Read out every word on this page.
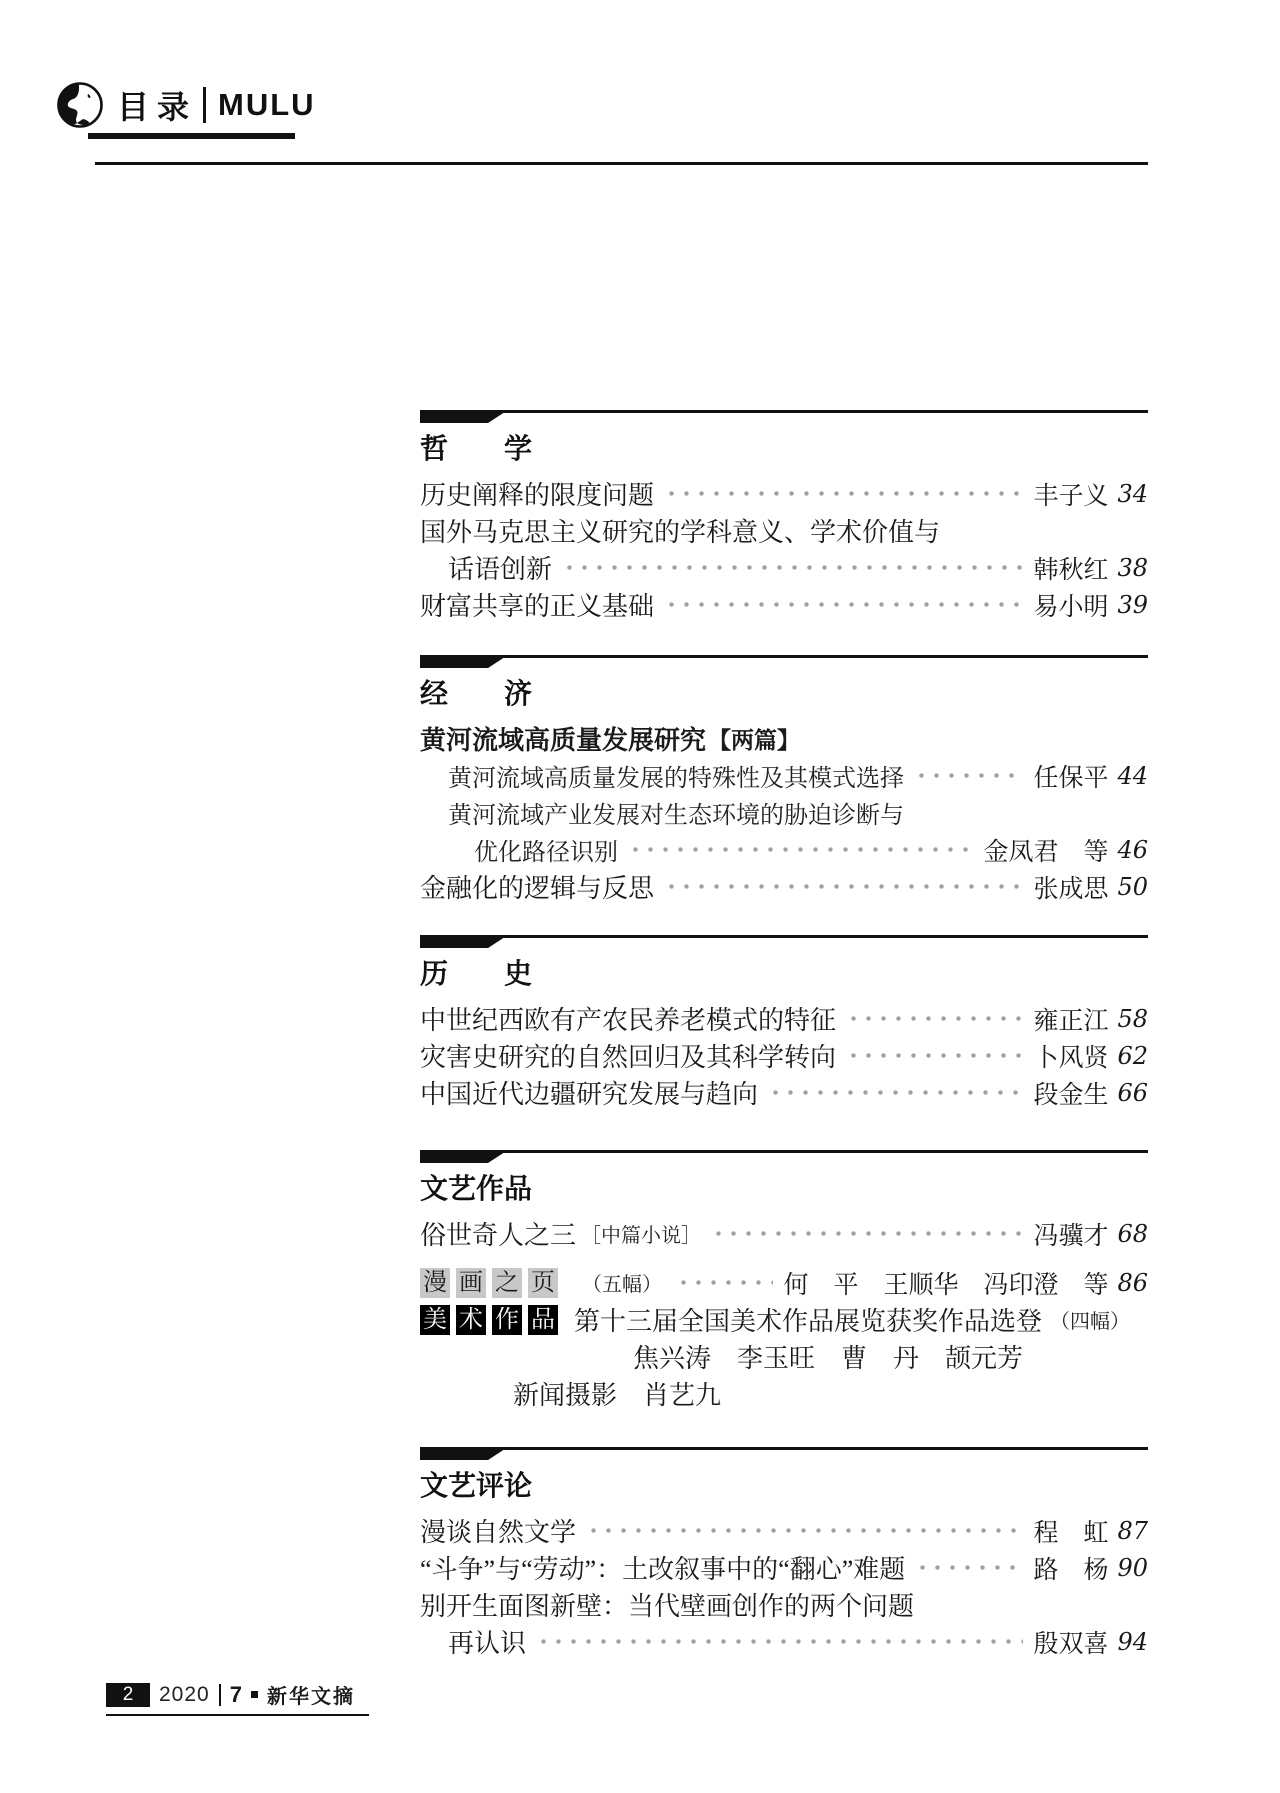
目录 MULU
哲　　学
历史阐释的限度问题	丰子义 34
国外马克思主义研究的学科意义、学术价值与
话语创新	韩秋红 38
财富共享的正义基础	易小明 39
经　　济
黄河流域高质量发展研究 【两篇】
黄河流域高质量发展的特殊性及其模式选择	任保平 44
黄河流域产业发展对生态环境的胁迫诊断与
优化路径识别	金凤君　等 46
金融化的逻辑与反思	张成思 50
历　　史
中世纪西欧有产农民养老模式的特征	雍正江 58
灾害史研究的自然回归及其科学转向	卜风贤 62
中国近代边疆研究发展与趋向	段金生 66
文艺作品
俗世奇人之三 ［中篇小说］	冯骥才 68
漫 画 之 页 （五幅）	何　平　王顺华　冯印澄　等 86
美 术 作 品 第十三届全国美术作品展览获奖作品选登 （四幅）
焦兴涛　李玉旺　曹　丹　颉元芳
新闻摄影　肖艺九
文艺评论
漫谈自然文学	程　虹 87
“斗争”与“劳动”：土改叙事中的“翻心”难题	路　杨 90
别开生面图新壁：当代壁画创作的两个问题
再认识	殷双喜 94
2	2020 7 新华文摘
